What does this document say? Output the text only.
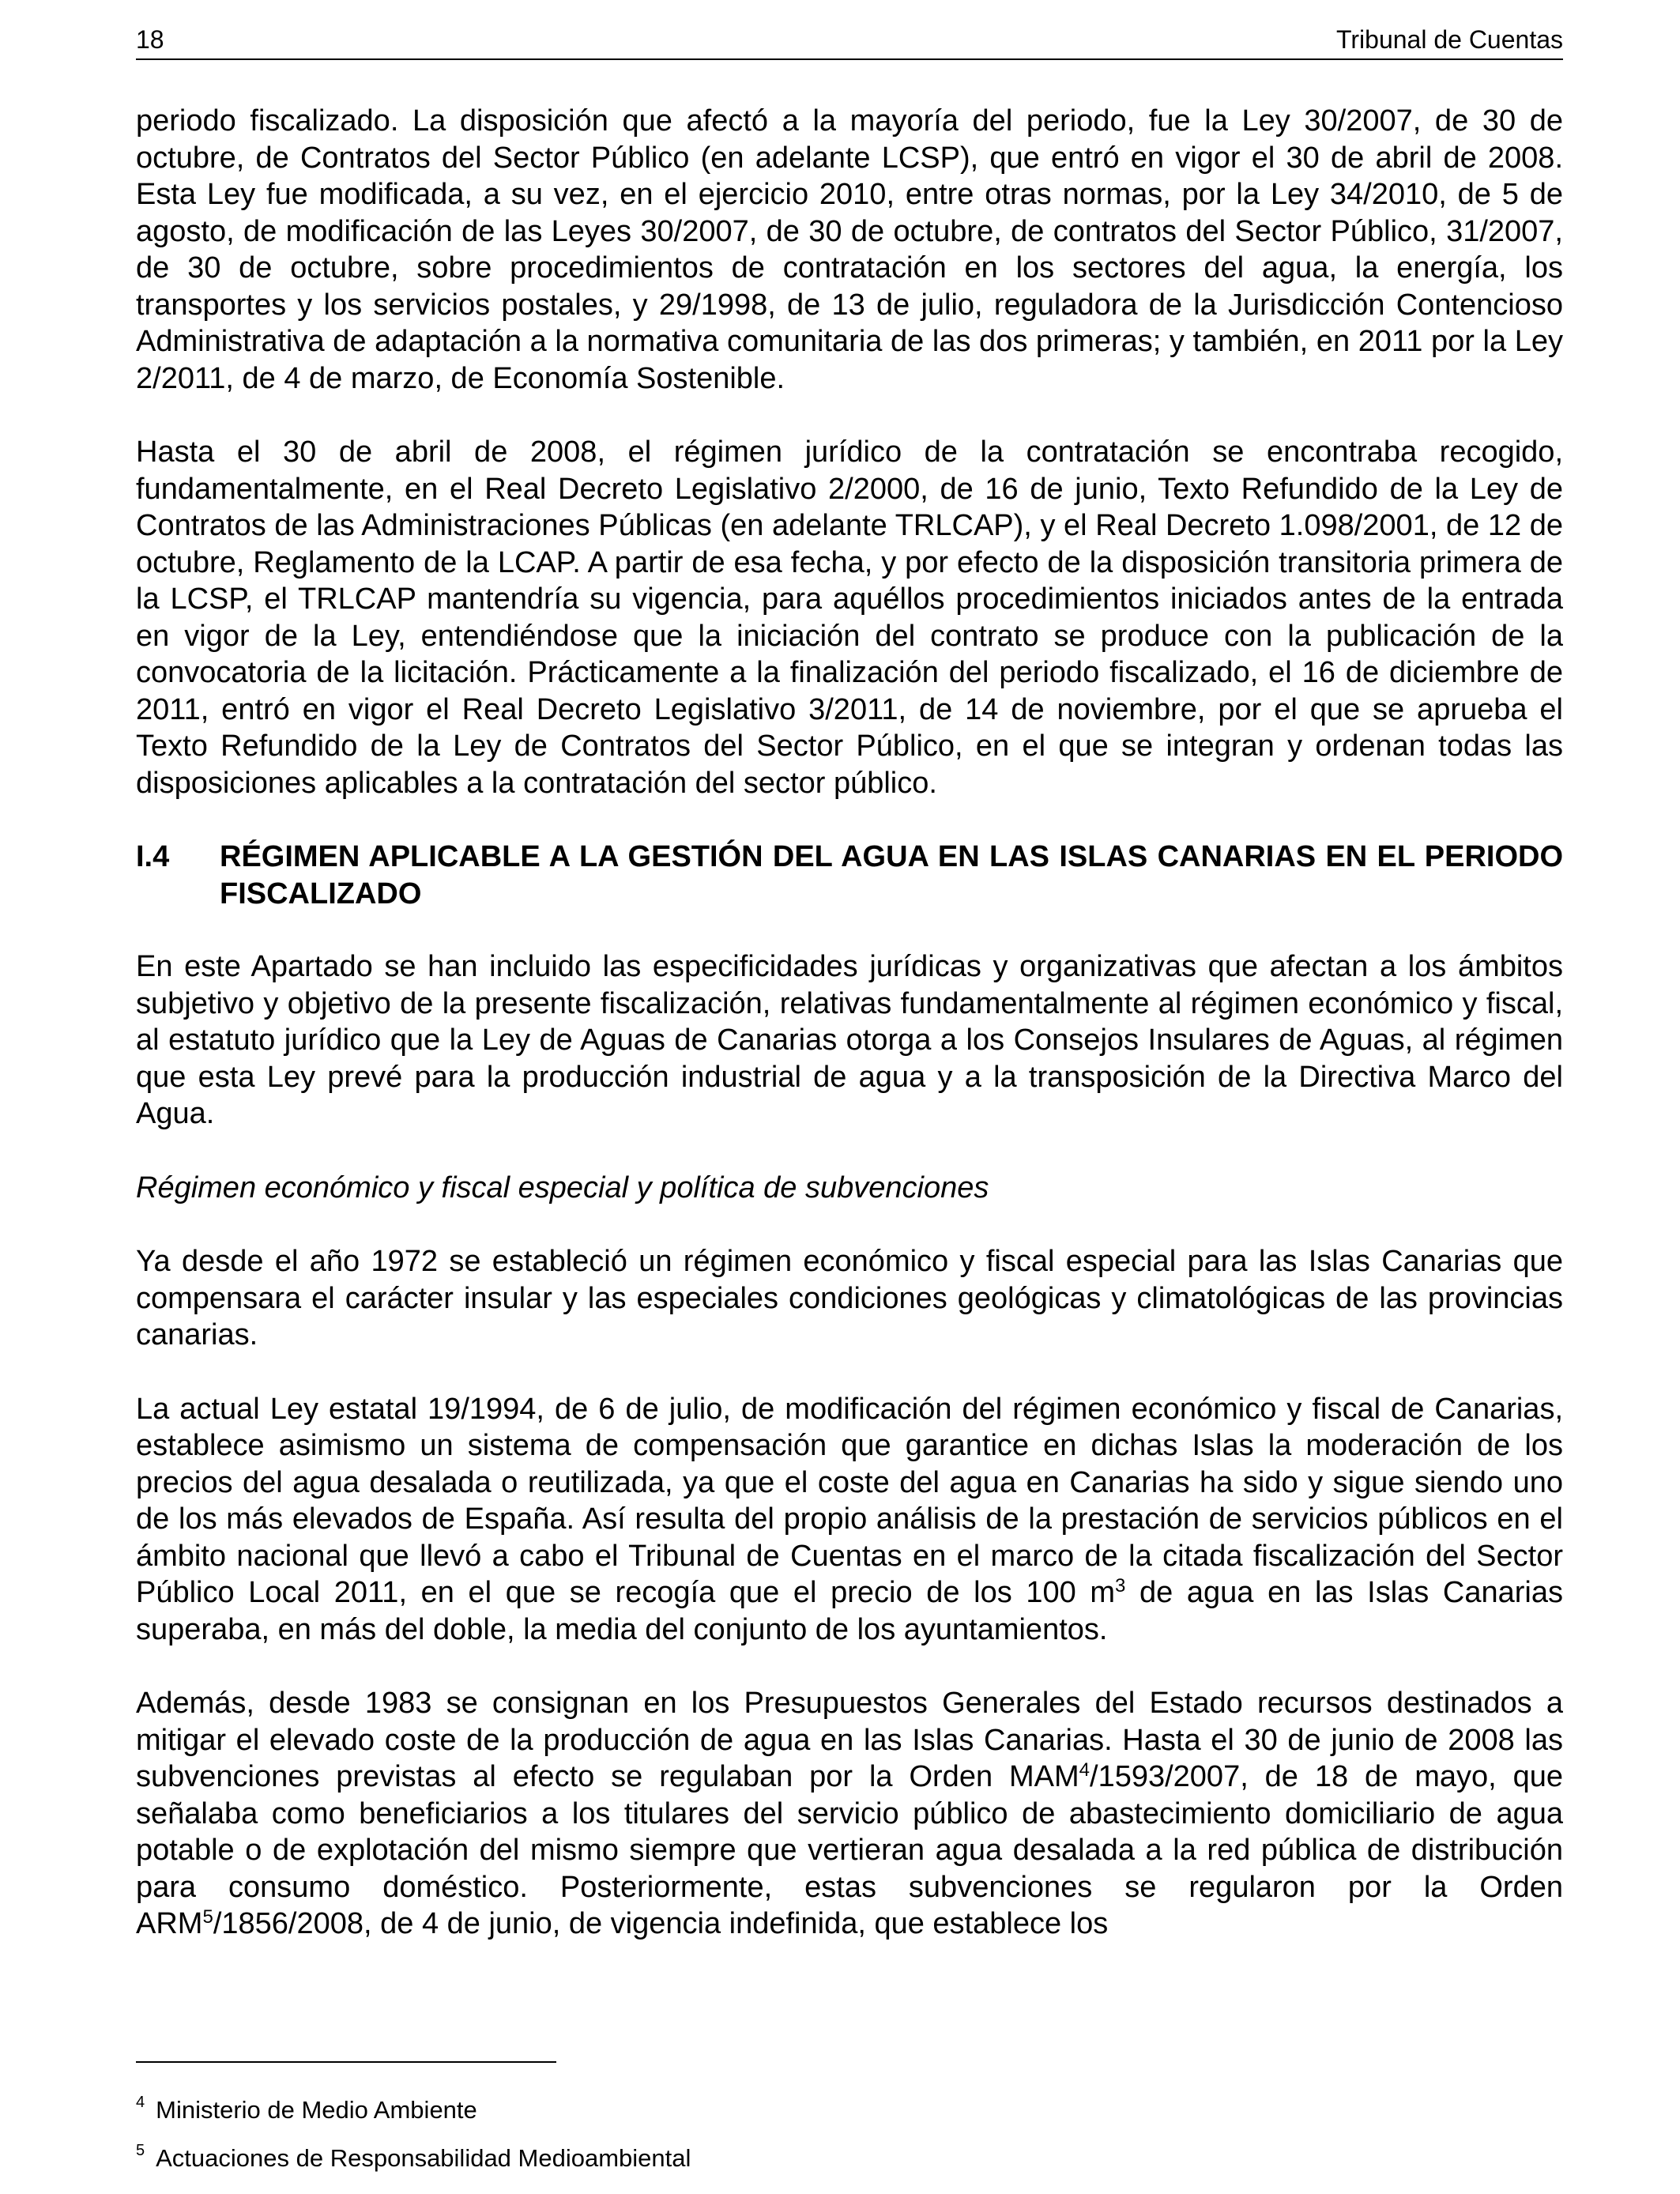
18	Tribunal de Cuentas

periodo fiscalizado. La disposición que afectó a la mayoría del periodo, fue la Ley 30/2007, de 30 de octubre, de Contratos del Sector Público (en adelante LCSP), que entró en vigor el 30 de abril de 2008. Esta Ley fue modificada, a su vez, en el ejercicio 2010, entre otras normas, por la Ley 34/2010, de 5 de agosto, de modificación de las Leyes 30/2007, de 30 de octubre, de contratos del Sector Público, 31/2007, de 30 de octubre, sobre procedimientos de contratación en los sectores del agua, la energía, los transportes y los servicios postales, y 29/1998, de 13 de julio, reguladora de la Jurisdicción Contencioso Administrativa de adaptación a la normativa comunitaria de las dos primeras; y también, en 2011 por la Ley 2/2011, de 4 de marzo, de Economía Sostenible.

Hasta el 30 de abril de 2008, el régimen jurídico de la contratación se encontraba recogido, fundamentalmente, en el Real Decreto Legislativo 2/2000, de 16 de junio, Texto Refundido de la Ley de Contratos de las Administraciones Públicas (en adelante TRLCAP), y el Real Decreto 1.098/2001, de 12 de octubre, Reglamento de la LCAP. A partir de esa fecha, y por efecto de la disposición transitoria primera de la LCSP, el TRLCAP mantendría su vigencia, para aquéllos procedimientos iniciados antes de la entrada en vigor de la Ley, entendiéndose que la iniciación del contrato se produce con la publicación de la convocatoria de la licitación. Prácticamente a la finalización del periodo fiscalizado, el 16 de diciembre de 2011, entró en vigor el Real Decreto Legislativo 3/2011, de 14 de noviembre, por el que se aprueba el Texto Refundido de la Ley de Contratos del Sector Público, en el que se integran y ordenan todas las disposiciones aplicables a la contratación del sector público.

I.4	RÉGIMEN APLICABLE A LA GESTIÓN DEL AGUA EN LAS ISLAS CANARIAS EN EL PERIODO FISCALIZADO

En este Apartado se han incluido las especificidades jurídicas y organizativas que afectan a los ámbitos subjetivo y objetivo de la presente fiscalización, relativas fundamentalmente al régimen económico y fiscal, al estatuto jurídico que la Ley de Aguas de Canarias otorga a los Consejos Insulares de Aguas, al régimen que esta Ley prevé para la producción industrial de agua y a la transposición de la Directiva Marco del Agua.

Régimen económico y fiscal especial y política de subvenciones

Ya desde el año 1972 se estableció un régimen económico y fiscal especial para las Islas Canarias que compensara el carácter insular y las especiales condiciones geológicas y climatológicas de las provincias canarias.

La actual Ley estatal 19/1994, de 6 de julio, de modificación del régimen económico y fiscal de Canarias, establece asimismo un sistema de compensación que garantice en dichas Islas la moderación de los precios del agua desalada o reutilizada, ya que el coste del agua en Canarias ha sido y sigue siendo uno de los más elevados de España. Así resulta del propio análisis de la prestación de servicios públicos en el ámbito nacional que llevó a cabo el Tribunal de Cuentas en el marco de la citada fiscalización del Sector Público Local 2011, en el que se recogía que el precio de los 100 $m^3$ de agua en las Islas Canarias superaba, en más del doble, la media del conjunto de los ayuntamientos.

Además, desde 1983 se consignan en los Presupuestos Generales del Estado recursos destinados a mitigar el elevado coste de la producción de agua en las Islas Canarias. Hasta el 30 de junio de 2008 las subvenciones previstas al efecto se regulaban por la Orden MAM$^4$/1593/2007, de 18 de mayo, que señalaba como beneficiarios a los titulares del servicio público de abastecimiento domiciliario de agua potable o de explotación del mismo siempre que vertieran agua desalada a la red pública de distribución para consumo doméstico. Posteriormente, estas subvenciones se regularon por la Orden ARM$^5$/1856/2008, de 4 de junio, de vigencia indefinida, que establece los

$^4$ Ministerio de Medio Ambiente
$^5$ Actuaciones de Responsabilidad Medioambiental
